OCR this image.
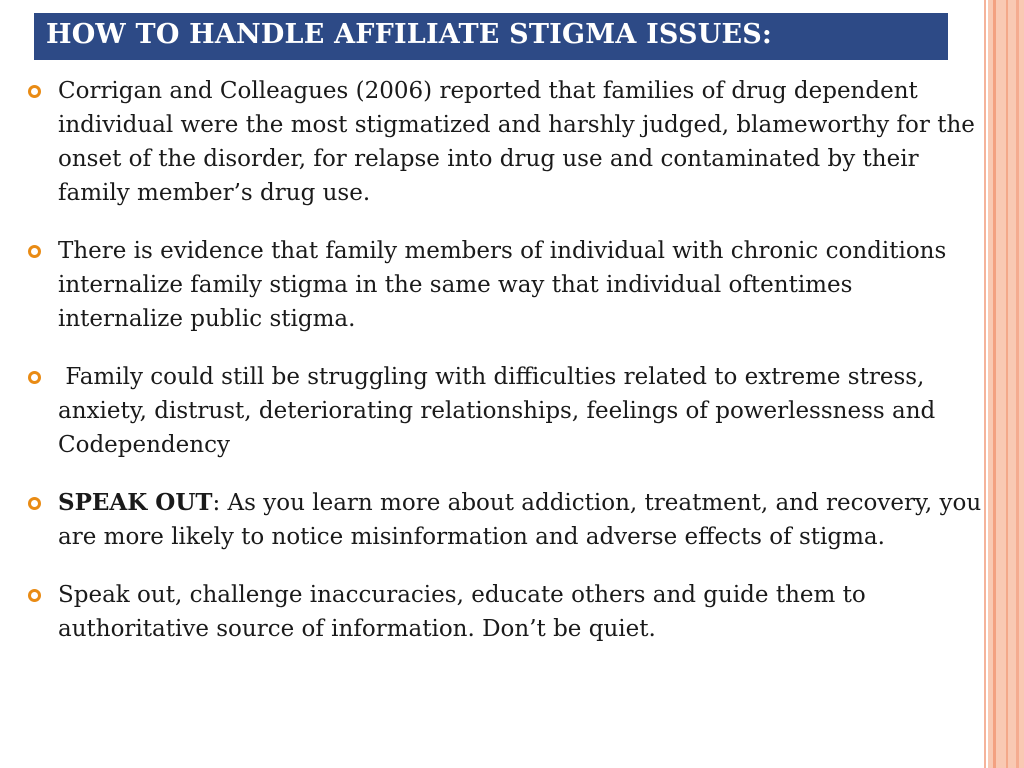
HOW TO HANDLE AFFILIATE STIGMA ISSUES:
Corrigan and Colleagues (2006) reported that families of drug dependent individual were the most stigmatized and harshly judged, blameworthy for the onset of the disorder, for relapse into drug use and contaminated by their family member’s drug use.
There is evidence that family members of individual with chronic conditions internalize family stigma in the same way that individual oftentimes internalize public stigma.
Family could still be struggling with difficulties related to extreme stress, anxiety, distrust, deteriorating relationships, feelings of powerlessness and Codependency
SPEAK OUT: As you learn more about addiction, treatment, and recovery, you are more likely to notice misinformation and adverse effects of stigma.
Speak out, challenge inaccuracies, educate others and guide them to authoritative source of information. Don’t be quiet.
